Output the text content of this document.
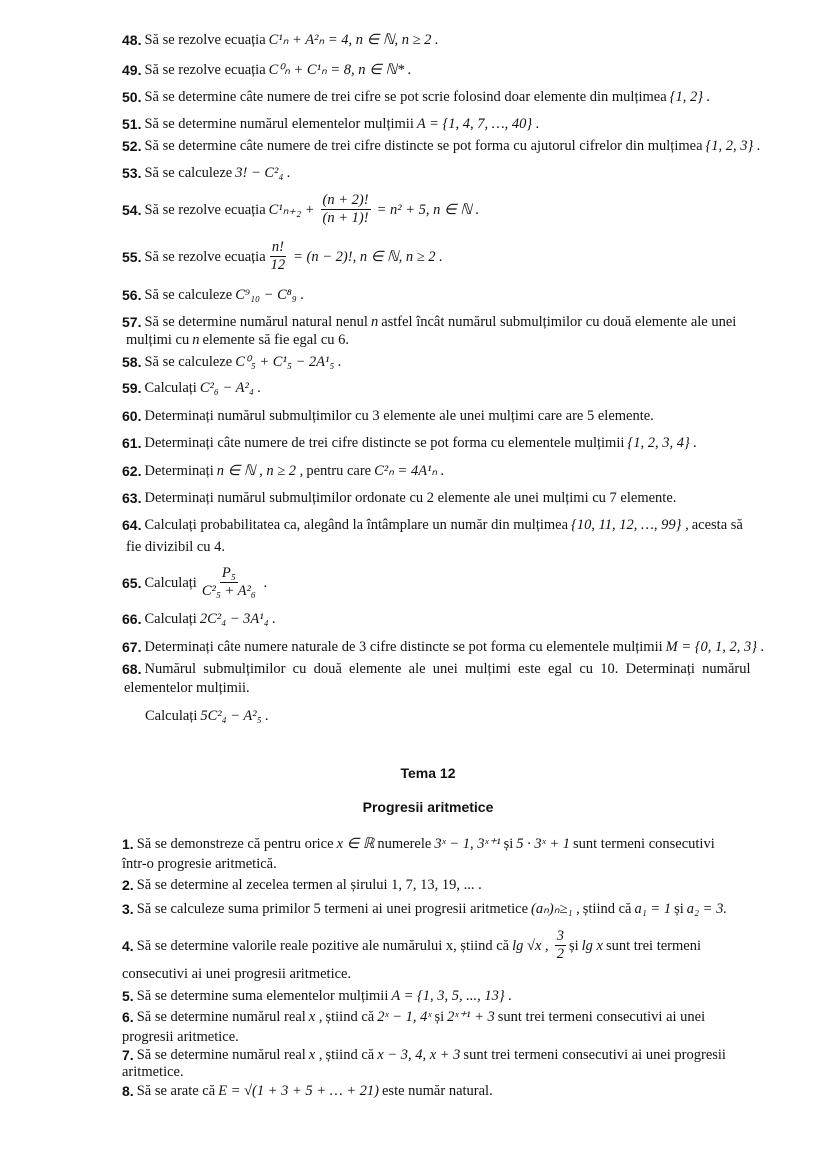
Tema 12
Progresii aritmetice
48. Să se rezolve ecuația C¹ₙ + A²ₙ = 4, n ∈ ℕ, n ≥ 2 .
49. Să se rezolve ecuația C⁰ₙ + C¹ₙ = 8, n ∈ ℕ* .
50. Să se determine câte numere de trei cifre se pot scrie folosind doar elemente din mulțimea {1, 2} .
51. Să se determine numărul elementelor mulțimii A = {1, 4, 7, …, 40} .
52. Să se determine câte numere de trei cifre distincte se pot forma cu ajutorul cifrelor din mulțimea {1, 2, 3} .
53. Să se calculeze 3! − C²₄ .
54. Să se rezolve ecuația $C^1_{n+2} + \frac{(n + 2)!}{(n + 1)!} = n^2 + 5$, n ∈ ℕ .
55. Să se rezolve ecuația $\frac{n!}{12} = (n - 2)$!, n ∈ ℕ, n ≥ 2 .
56. Să se calculeze C⁹₁₀ − C⁸₉ .
57. Să se determine numărul natural nenul n astfel încât numărul submulțimilor cu două elemente ale unei
mulțimi cu n elemente să fie egal cu 6.
58. Să se calculeze C⁰₅ + C¹₅ − 2A¹₅ .
59. Calculați C²₆ − A²₄ .
60. Determinați numărul submulțimilor cu 3 elemente ale unei mulțimi care are 5 elemente.
61. Determinați câte numere de trei cifre distincte se pot forma cu elementele mulțimii {1, 2, 3, 4} .
62. Determinați n ∈ ℕ , n ≥ 2 , pentru care C²ₙ = 4A¹ₙ .
63. Determinați numărul submulțimilor ordonate cu 2 elemente ale unei mulțimi cu 7 elemente.
64. Calculați probabilitatea ca, alegând la întâmplare un număr din mulțimea {10, 11, 12, …, 99} , acesta să
fie divizibil cu 4.
65. Calculați $\frac{\text{P₅}}{\text{C²₅ + A²₆}}$ .
66. Calculați 2C²₄ − 3A¹₄ .
67. Determinați câte numere naturale de 3 cifre distincte se pot forma cu elementele mulțimii M = {0, 1, 2, 3} .
68. Numărul  submulțimilor  cu  două  elemente  ale  unei  mulțimi  este  egal  cu  10.  Determinați  numărul
elementelor mulțimii.
Calculați 5C²₄ − A²₅ .
1. Să se demonstreze că pentru orice x ∈ ℝ numerele 3ˣ − 1, 3ˣ⁺¹ și 5 · 3ˣ + 1 sunt termeni consecutivi
într-o progresie aritmetică.
2. Să se determine al zecelea termen al șirului 1, 7, 13, 19, ... .
3. Să se calculeze suma primilor 5 termeni ai unei progresii aritmetice (aₙ)ₙ≥₁ , știind că a₁ = 1 și a₂ = 3.
4. Să se determine valorile reale pozitive ale numărului x, știind că lg √x , $\frac{3}{2}$ și lg x sunt trei termeni
consecutivi ai unei progresii aritmetice.
5. Să se determine suma elementelor mulțimii A = {1, 3, 5, ..., 13} .
6. Să se determine numărul real x , știind că 2ˣ − 1, 4ˣ și 2ˣ⁺¹ + 3 sunt trei termeni consecutivi ai unei
progresii aritmetice.
7. Să se determine numărul real x , știind că x − 3, 4, x + 3 sunt trei termeni consecutivi ai unei progresii
aritmetice.
8. Să se arate că E = √(1 + 3 + 5 + … + 21) este număr natural.
